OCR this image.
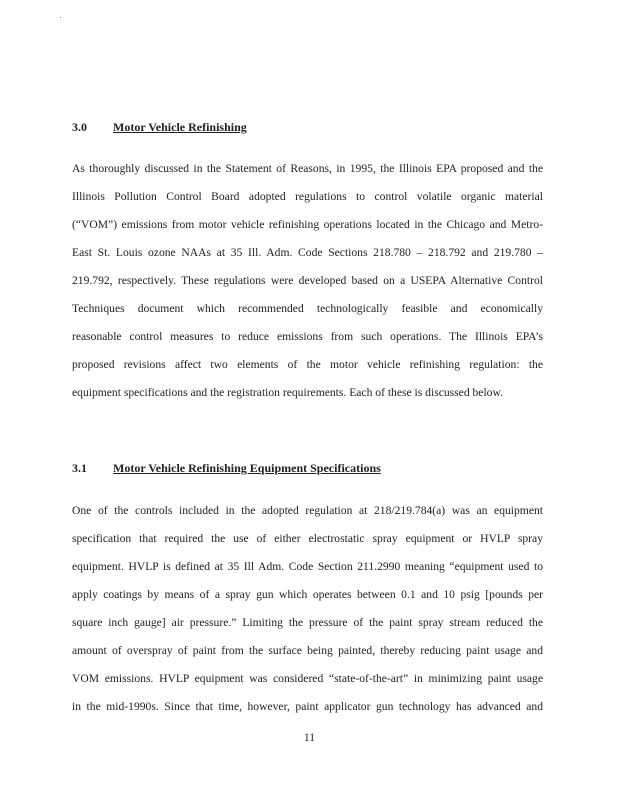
3.0 Motor Vehicle Refinishing
As thoroughly discussed in the Statement of Reasons, in 1995, the Illinois EPA proposed and the
Illinois Pollution Control Board adopted regulations to control volatile organic material
(“VOM”) emissions from motor vehicle refinishing operations located in the Chicago and Metro-
East St. Louis ozone NAAs at 35 Ill. Adm. Code Sections 218.780 – 218.792 and 219.780 –
219.792, respectively. These regulations were developed based on a USEPA Alternative Control
Techniques document which recommended technologically feasible and economically
reasonable control measures to reduce emissions from such operations. The Illinois EPA’s
proposed revisions affect two elements of the motor vehicle refinishing regulation: the
equipment specifications and the registration requirements. Each of these is discussed below.
3.1 Motor Vehicle Refinishing Equipment Specifications
One of the controls included in the adopted regulation at 218/219.784(a) was an equipment
specification that required the use of either electrostatic spray equipment or HVLP spray
equipment. HVLP is defined at 35 Ill Adm. Code Section 211.2990 meaning “equipment used to
apply coatings by means of a spray gun which operates between 0.1 and 10 psig [pounds per
square inch gauge] air pressure.” Limiting the pressure of the paint spray stream reduced the
amount of overspray of paint from the surface being painted, thereby reducing paint usage and
VOM emissions. HVLP equipment was considered “state-of-the-art” in minimizing paint usage
in the mid-1990s. Since that time, however, paint applicator gun technology has advanced and
11
